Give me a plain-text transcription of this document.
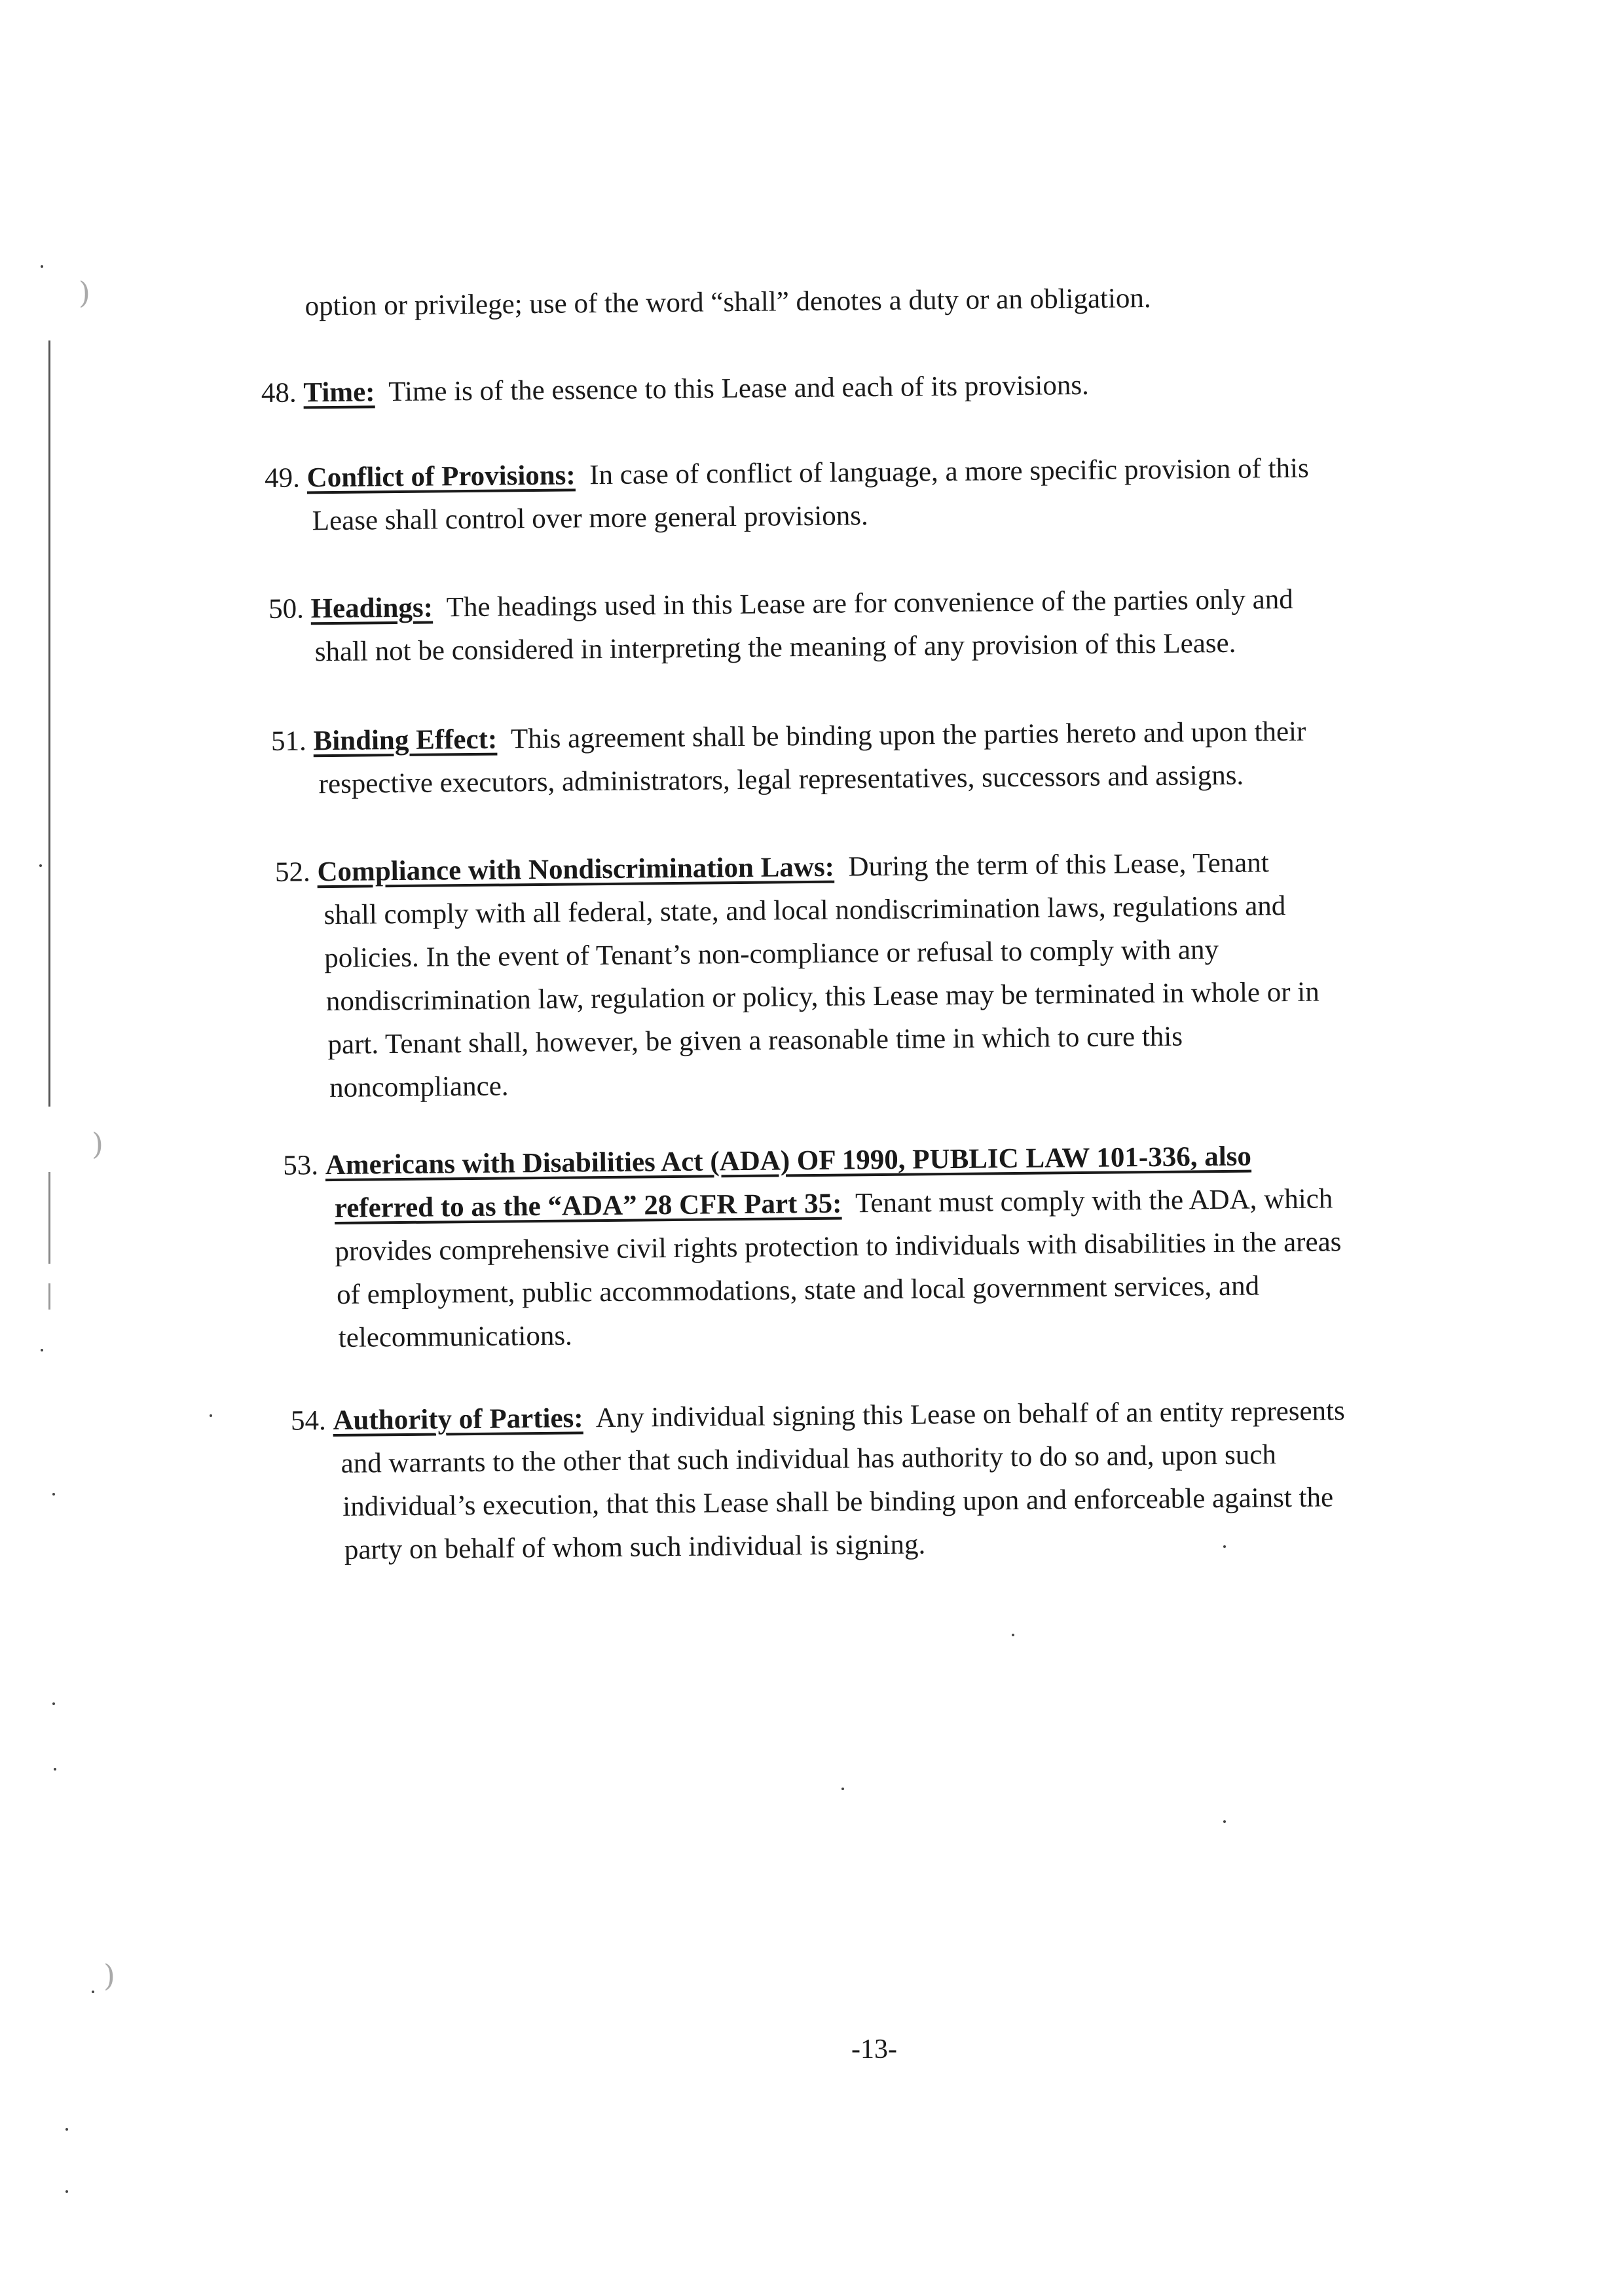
)
)
)
option or privilege; use of the word “shall” denotes a duty or an obligation.
48. Time: Time is of the essence to this Lease and each of its provisions.
49. Conflict of Provisions: In case of conflict of language, a more specific provision of this
Lease shall control over more general provisions.
50. Headings: The headings used in this Lease are for convenience of the parties only and
shall not be considered in interpreting the meaning of any provision of this Lease.
51. Binding Effect: This agreement shall be binding upon the parties hereto and upon their
respective executors, administrators, legal representatives, successors and assigns.
52. Compliance with Nondiscrimination Laws: During the term of this Lease, Tenant
shall comply with all federal, state, and local nondiscrimination laws, regulations and
policies. In the event of Tenant’s non-compliance or refusal to comply with any
nondiscrimination law, regulation or policy, this Lease may be terminated in whole or in
part. Tenant shall, however, be given a reasonable time in which to cure this
noncompliance.
53. Americans with Disabilities Act (ADA) OF 1990, PUBLIC LAW 101-336, also
referred to as the “ADA” 28 CFR Part 35: Tenant must comply with the ADA, which
provides comprehensive civil rights protection to individuals with disabilities in the areas
of employment, public accommodations, state and local government services, and
telecommunications.
54. Authority of Parties: Any individual signing this Lease on behalf of an entity represents
and warrants to the other that such individual has authority to do so and, upon such
individual’s execution, that this Lease shall be binding upon and enforceable against the
party on behalf of whom such individual is signing.
-13-
